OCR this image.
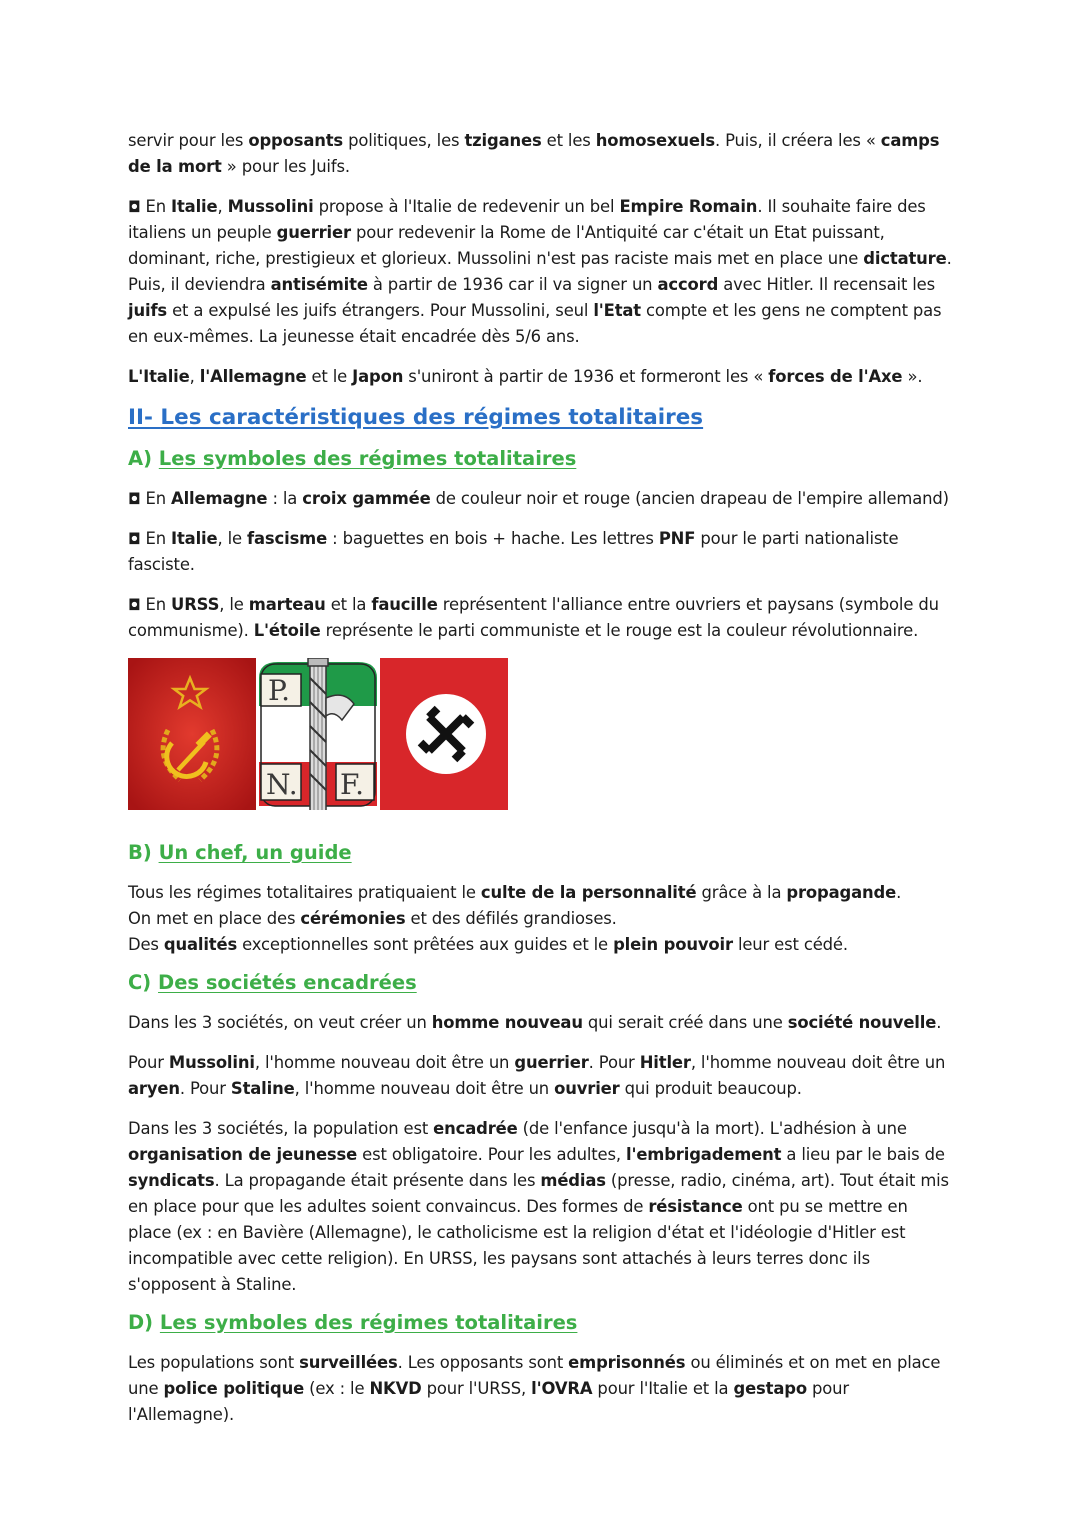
servir pour les opposants politiques, les tziganes et les homosexuels. Puis, il créera les « camps de la mort » pour les Juifs.

◘ En Italie, Mussolini propose à l'Italie de redevenir un bel Empire Romain. Il souhaite faire des italiens un peuple guerrier pour redevenir la Rome de l'Antiquité car c'était un Etat puissant, dominant, riche, prestigieux et glorieux. Mussolini n'est pas raciste mais met en place une dictature. Puis, il deviendra antisémite à partir de 1936 car il va signer un accord avec Hitler. Il recensait les juifs et a expulsé les juifs étrangers. Pour Mussolini, seul l'Etat compte et les gens ne comptent pas en eux-mêmes. La jeunesse était encadrée dès 5/6 ans.

L'Italie, l'Allemagne et le Japon s'uniront à partir de 1936 et formeront les « forces de l'Axe ».

II- Les caractéristiques des régimes totalitaires
A) Les symboles des régimes totalitaires

◘ En Allemagne : la croix gammée de couleur noir et rouge (ancien drapeau de l'empire allemand)

◘ En Italie, le fascisme : baguettes en bois + hache. Les lettres PNF pour le parti nationaliste fasciste.

◘ En URSS, le marteau et la faucille représentent l'alliance entre ouvriers et paysans (symbole du communisme). L'étoile représente le parti communiste et le rouge est la couleur révolutionnaire.

P.
N. F.
B) Un chef, un guide

Tous les régimes totalitaires pratiquaient le culte de la personnalité grâce à la propagande.
On met en place des cérémonies et des défilés grandioses.
Des qualités exceptionnelles sont prêtées aux guides et le plein pouvoir leur est cédé.

C) Des sociétés encadrées

Dans les 3 sociétés, on veut créer un homme nouveau qui serait créé dans une société nouvelle.

Pour Mussolini, l'homme nouveau doit être un guerrier. Pour Hitler, l'homme nouveau doit être un aryen. Pour Staline, l'homme nouveau doit être un ouvrier qui produit beaucoup.

Dans les 3 sociétés, la population est encadrée (de l'enfance jusqu'à la mort). L'adhésion à une organisation de jeunesse est obligatoire. Pour les adultes, l'embrigadement a lieu par le bais de syndicats. La propagande était présente dans les médias (presse, radio, cinéma, art). Tout était mis en place pour que les adultes soient convaincus. Des formes de résistance ont pu se mettre en place (ex : en Bavière (Allemagne), le catholicisme est la religion d'état et l'idéologie d'Hitler est incompatible avec cette religion). En URSS, les paysans sont attachés à leurs terres donc ils s'opposent à Staline.

D) Les symboles des régimes totalitaires

Les populations sont surveillées. Les opposants sont emprisonnés ou éliminés et on met en place une police politique (ex : le NKVD pour l'URSS, l'OVRA pour l'Italie et la gestapo pour l'Allemagne).
